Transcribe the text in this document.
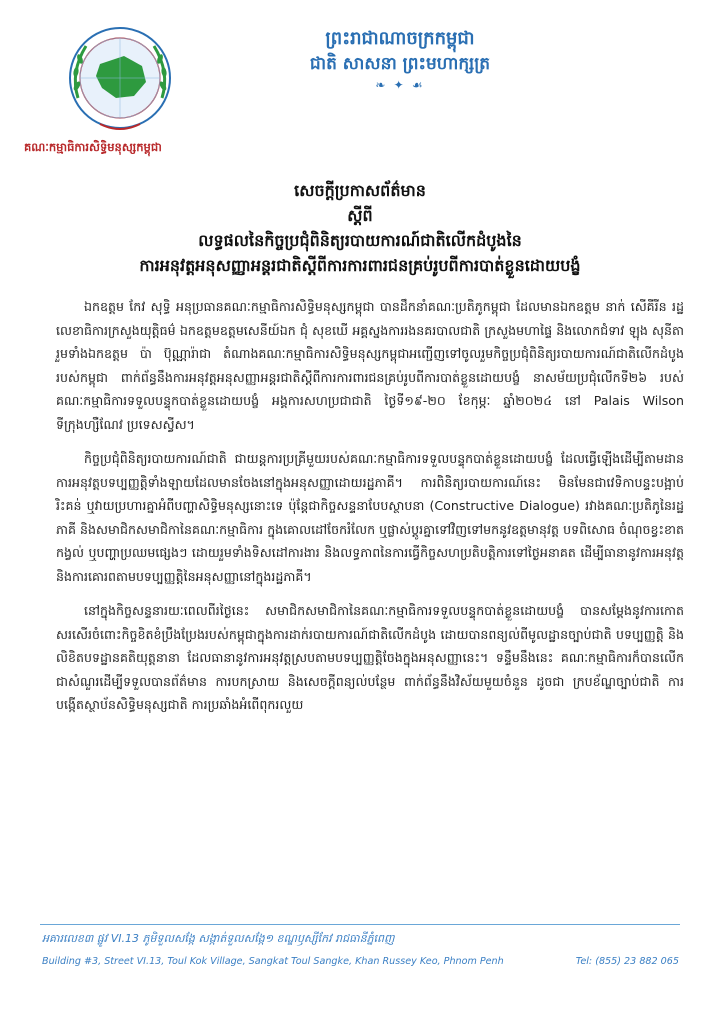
គណៈកម្មាធិការសិទ្ធិមនុស្សកម្ពុជា
ព្រះរាជាណាចក្រកម្ពុជា
ជាតិ សាសនា ព្រះមហាក្សត្រ
❧ ✦ ☙
សេចក្តីប្រកាសព័ត៌មាន
ស្តីពី
លទ្ធផលនៃកិច្ចប្រជុំពិនិត្យរបាយការណ៍ជាតិលើកដំបូងនៃ
ការអនុវត្តអនុសញ្ញាអន្តរជាតិស្តីពីការការពារជនគ្រប់រូបពីការបាត់ខ្លួនដោយបង្ខំ

ឯកឧត្តម កែវ សុទ្ធិ អនុប្រធានគណៈកម្មាធិការសិទ្ធិមនុស្សកម្ពុជា បានដឹកនាំគណៈប្រតិភូកម្ពុជា ដែលមានឯកឧត្តម នាក់ សើគីរីន រដ្ឋលេខាធិការក្រសួងយុត្តិធម៌ ឯកឧត្តមឧត្តមសេនីយ៍ឯក ជុំ សុខឃើ អគ្គស្នងការរងនគរបាលជាតិ ក្រសួងមហាផ្ទៃ និងលោកជំទាវ ឡុង សុនីតា រួមទាំងឯកឧត្តម ប៉ា ប៊ុណ្ណារ៉ាជា តំណាងគណៈកម្មាធិការសិទ្ធិមនុស្សកម្ពុជាអញ្ជើញទៅចូលរួមកិច្ចប្រជុំពិនិត្យរបាយការណ៍ជាតិលើកដំបូងរបស់កម្ពុជា ពាក់ព័ន្ធនឹងការអនុវត្តអនុសញ្ញាអន្តរជាតិស្តីពីការការពារជនគ្រប់រូបពីការបាត់ខ្លួនដោយបង្ខំ នាសម័យប្រជុំលើកទី២៦ របស់គណៈកម្មាធិការទទួលបន្ទុកបាត់ខ្លួនដោយបង្ខំ អង្គការសហប្រជាជាតិ ថ្ងៃទី១៩-២០ ខែកុម្ភៈ ឆ្នាំ២០២៤ នៅ Palais Wilson ទីក្រុងហ្សឺណែវ ប្រទេសស្វីស។

កិច្ចប្រជុំពិនិត្យរបាយការណ៍ជាតិ ជាយន្តការប្រគ្រីមួយរបស់គណៈកម្មាធិការទទួលបន្ទុកបាត់ខ្លួនដោយបង្ខំ ដែលធ្វើឡើងដើម្បីតាមដានការអនុវត្តបទប្បញ្ញត្តិទាំងឡាយដែលមានចែងនៅក្នុងអនុសញ្ញាដោយរដ្ឋភាគី។ ការពិនិត្យរបាយការណ៍នេះ មិនមែនជាវេទិកាបន្ទះបង្អាប់ រិះគន់ ឬវាយប្រហារគ្នាអំពីបញ្ហាសិទ្ធិមនុស្សនោះទេ ប៉ុន្តែជាកិច្ចសន្ទនាបែបស្ថាបនា (Constructive Dialogue) រវាងគណៈប្រតិភូនៃរដ្ឋភាគី និងសមាជិកសមាជិកានៃគណៈកម្មាធិការ ក្នុងគោលដៅចែករំលែក ឬផ្លាស់ប្តូរគ្នាទៅវិញទៅមកនូវឧត្តមានុវត្ត បទពិសោធ ចំណុចខ្វះខាត កង្វល់ ឬបញ្ហាប្រឈមផ្សេងៗ ដោយរួមទាំងទិសដៅការងារ និងលទ្ធភាពនៃការធ្វើកិច្ចសហប្រតិបត្តិការទៅថ្ងៃអនាគត ដើម្បីធានានូវការអនុវត្តនិងការគោរពតាមបទប្បញ្ញត្តិនៃអនុសញ្ញានៅក្នុងរដ្ឋភាគី។

នៅក្នុងកិច្ចសន្ទនារយៈពេលពីរថ្ងៃនេះ សមាជិកសមាជិកានៃគណៈកម្មាធិការទទួលបន្ទុកបាត់ខ្លួនដោយបង្ខំ បានសម្តែងនូវការកោតសរសើរចំពោះកិច្ចខិតខំប្រឹងប្រែងរបស់កម្ពុជាក្នុងការដាក់របាយការណ៍ជាតិលើកដំបូង ដោយបានពន្យល់ពីមូលដ្ឋានច្បាប់ជាតិ បទប្បញ្ញត្តិ និងលិខិតបទដ្ឋានគតិយុត្តនានា ដែលធានានូវការអនុវត្តស្របតាមបទប្បញ្ញត្តិចែងក្នុងអនុសញ្ញានេះ។ ទន្ទឹមនឹងនេះ គណៈកម្មាធិការក៏បានលើកជាសំណួរដើម្បីទទួលបានព័ត៌មាន ការបកស្រាយ និងសេចក្តីពន្យល់បន្ថែម ពាក់ព័ន្ធនឹងវិស័យមួយចំនួន ដូចជា ក្របខ័ណ្ឌច្បាប់ជាតិ ការបង្កើតស្ថាប័នសិទ្ធិមនុស្សជាតិ ការប្រឆាំងអំពើពុករលួយ

អគារលេខ៣ ផ្លូវ VI.13 ភូមិទួលសង្កែ សង្កាត់ទួលសង្កែ១ ខណ្ឌឫស្សីកែវ រាជធានីភ្នំពេញ
Building #3, Street VI.13, Toul Kok Village, Sangkat Toul Sangke, Khan Russey Keo, Phnom Penh	Tel: (855) 23 882 065
